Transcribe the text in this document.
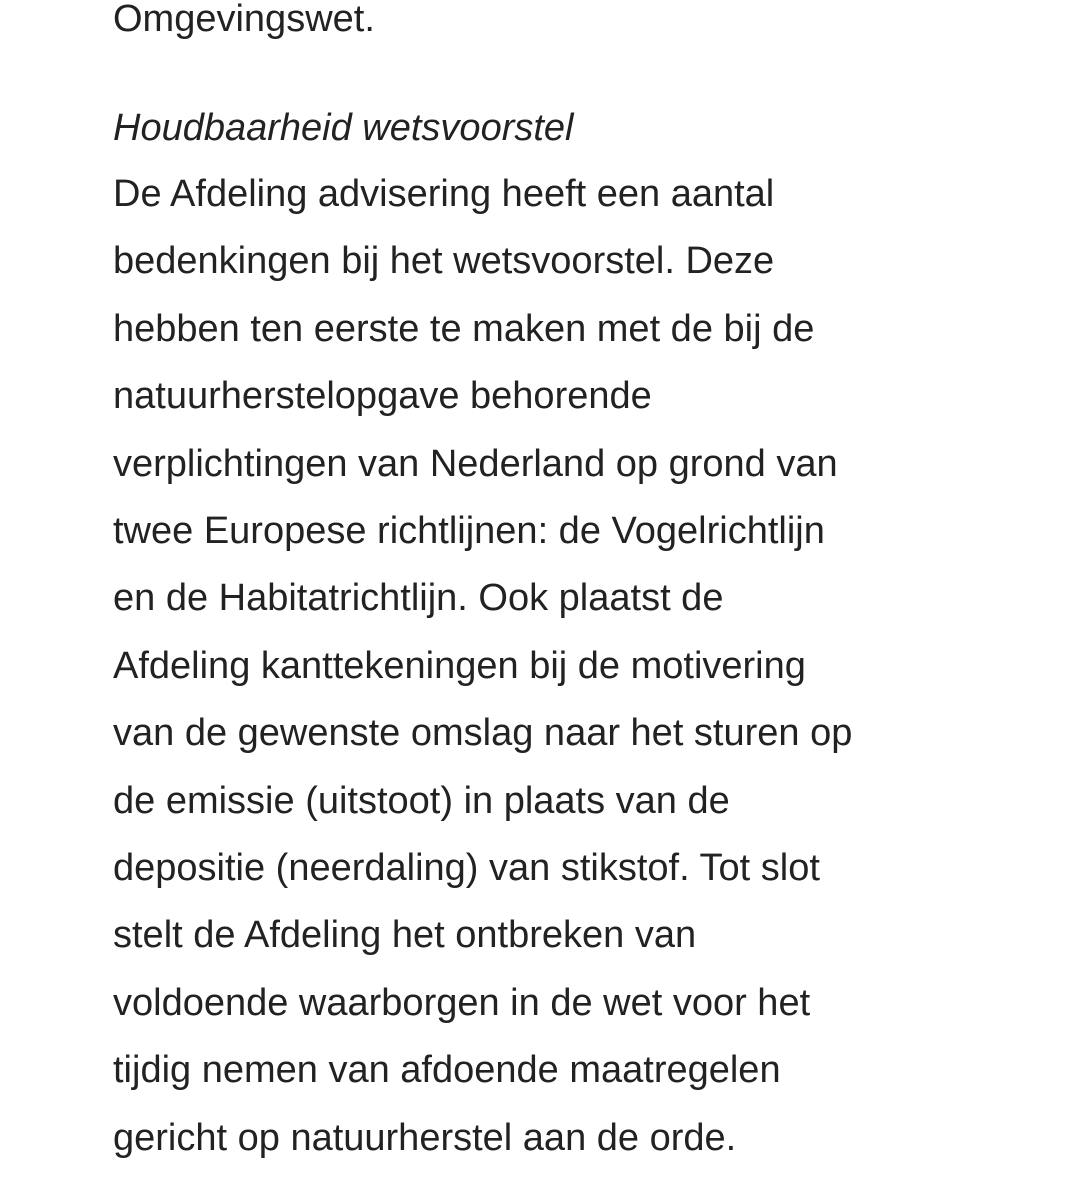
Omgevingswet.
Houdbaarheid wetsvoorstel
De Afdeling advisering heeft een aantal
bedenkingen bij het wetsvoorstel. Deze
hebben ten eerste te maken met de bij de
natuurherstelopgave behorende
verplichtingen van Nederland op grond van
twee Europese richtlijnen: de Vogelrichtlijn
en de Habitatrichtlijn. Ook plaatst de
Afdeling kanttekeningen bij de motivering
van de gewenste omslag naar het sturen op
de emissie (uitstoot) in plaats van de
depositie (neerdaling) van stikstof. Tot slot
stelt de Afdeling het ontbreken van
voldoende waarborgen in de wet voor het
tijdig nemen van afdoende maatregelen
gericht op natuurherstel aan de orde.
